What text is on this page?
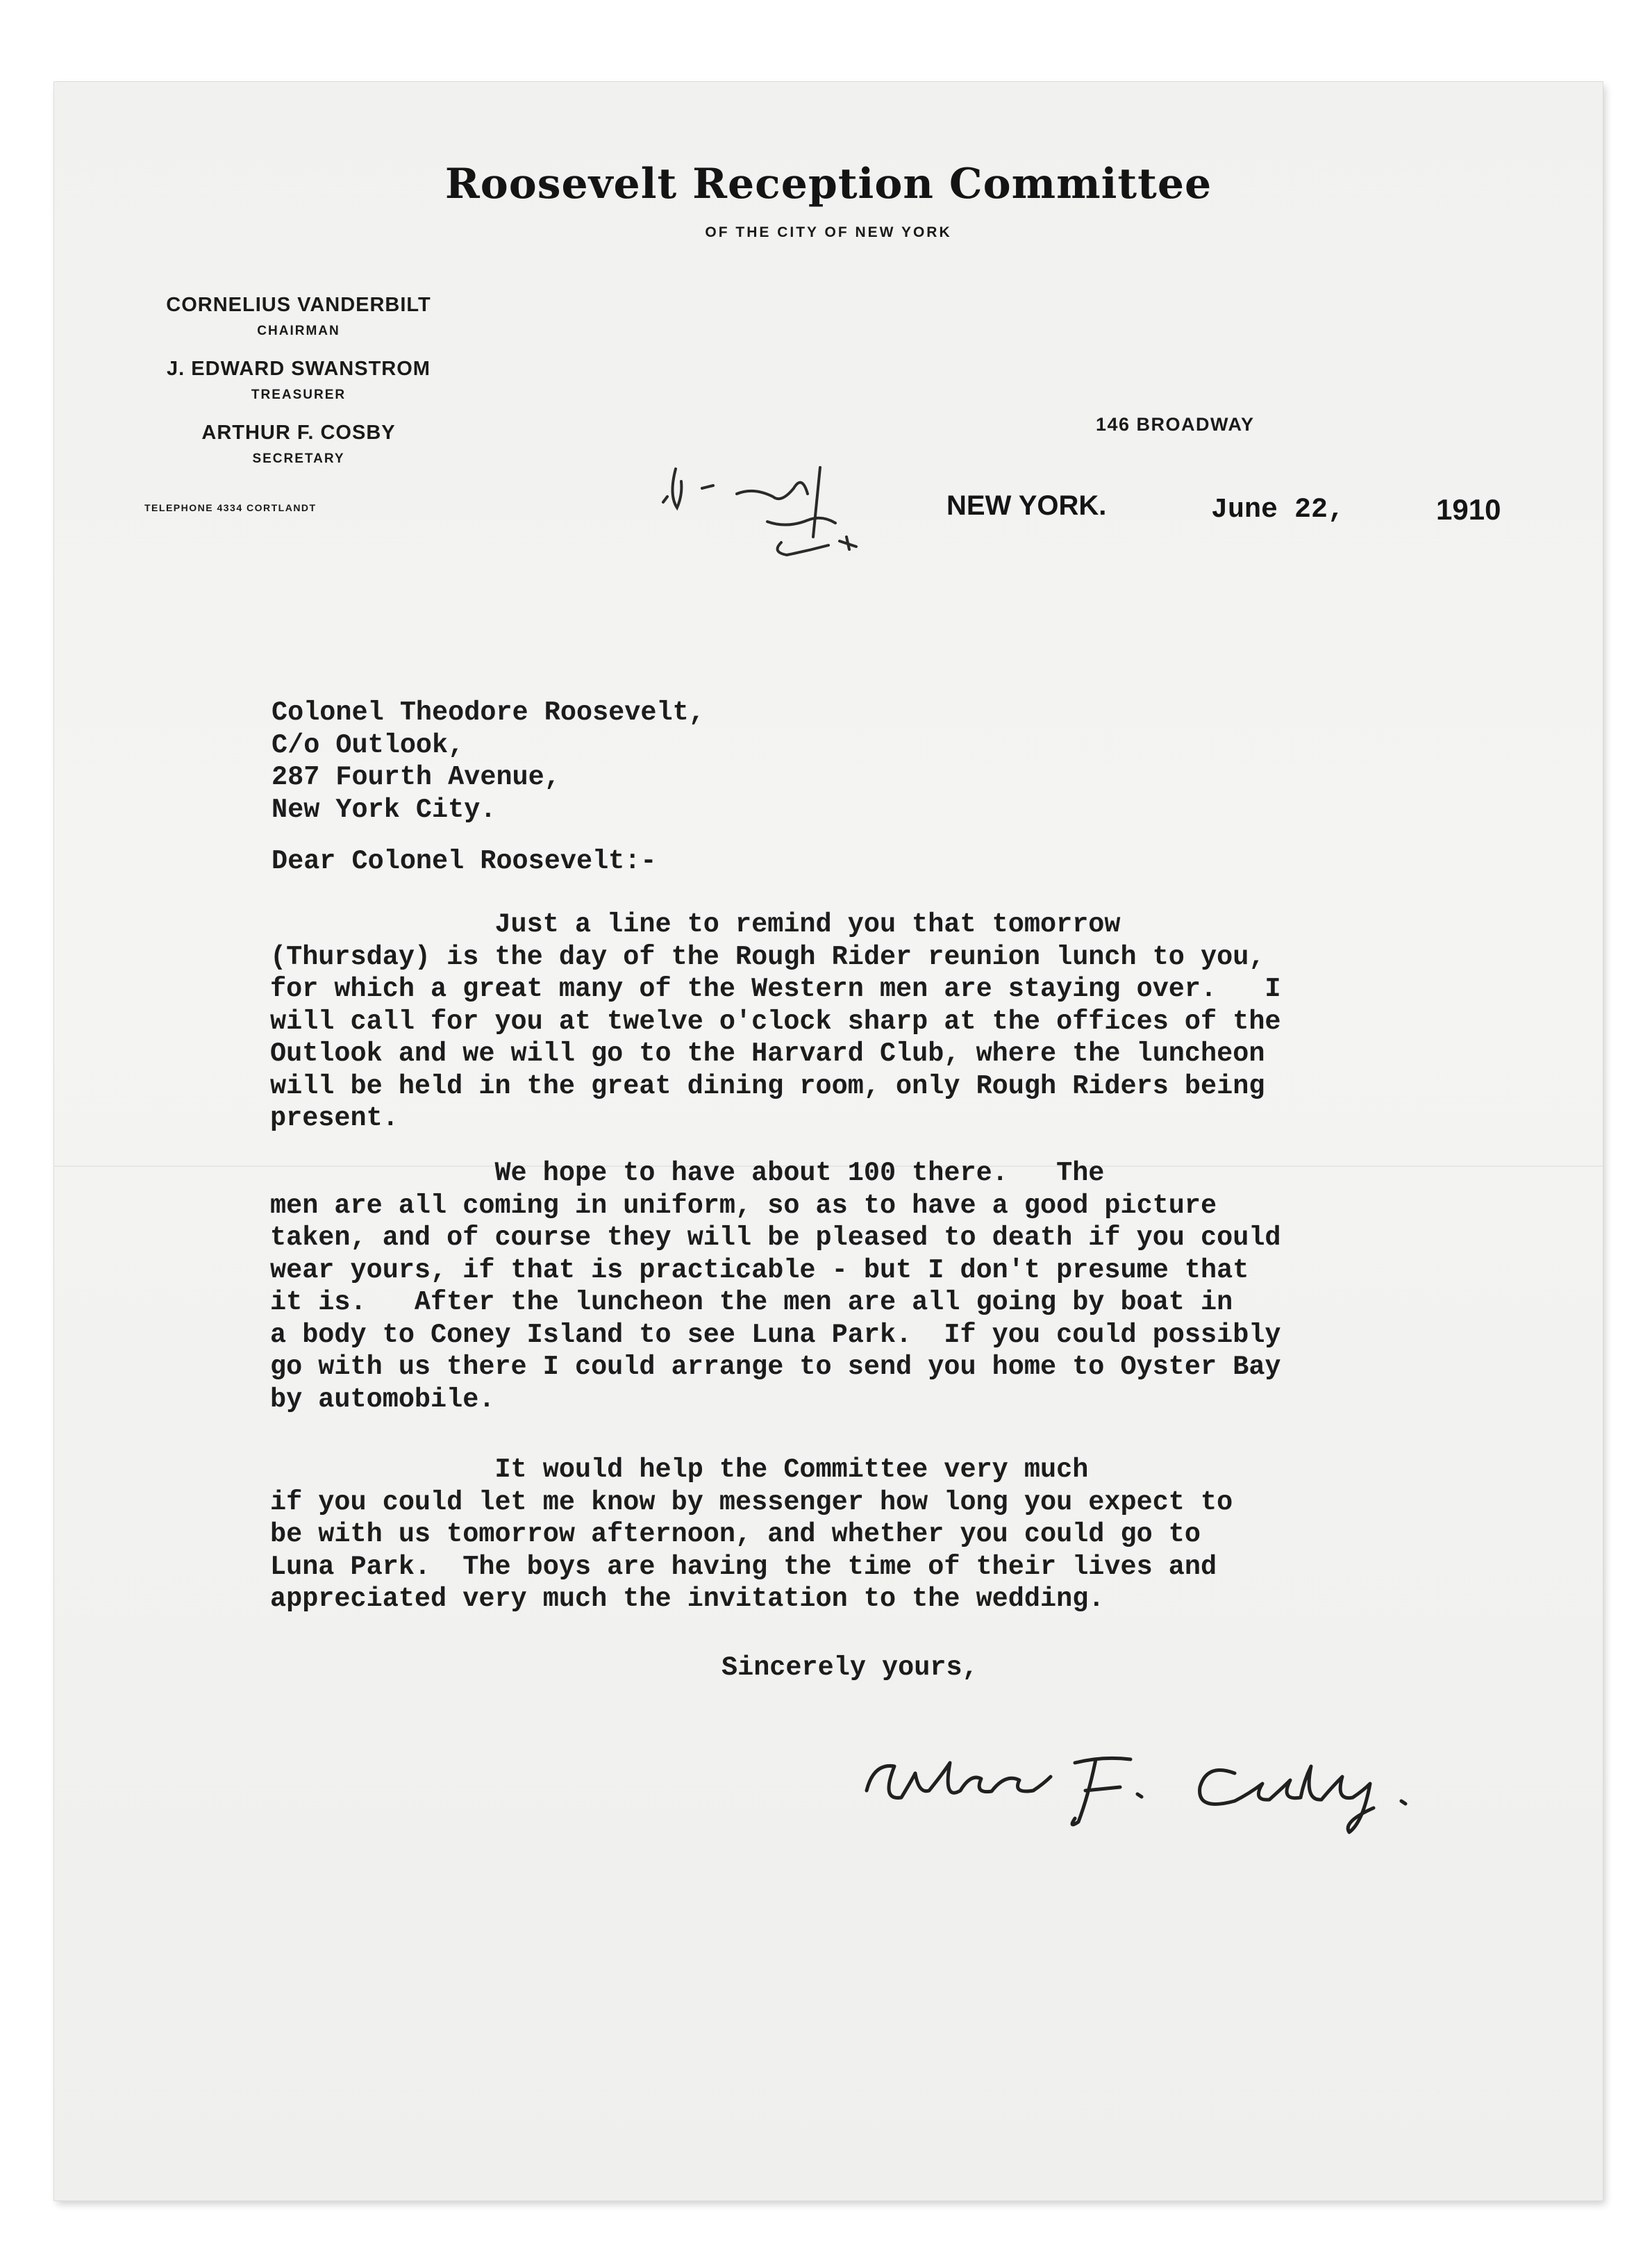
Roosevelt Reception Committee
OF THE CITY OF NEW YORK
CORNELIUS VANDERBILT
CHAIRMAN
J. EDWARD SWANSTROM
TREASURER
ARTHUR F. COSBY
SECRETARY
TELEPHONE 4334 CORTLANDT
146 BROADWAY
NEW YORK.	June 22,	1910
Colonel Theodore Roosevelt,
C/o Outlook,
287 Fourth Avenue,
New York City.
Dear Colonel Roosevelt:-
Just a line to remind you that tomorrow
(Thursday) is the day of the Rough Rider reunion lunch to you,
for which a great many of the Western men are staying over.   I
will call for you at twelve o'clock sharp at the offices of the
Outlook and we will go to the Harvard Club, where the luncheon
will be held in the great dining room, only Rough Riders being
present.
We hope to have about 100 there.   The
men are all coming in uniform, so as to have a good picture
taken, and of course they will be pleased to death if you could
wear yours, if that is practicable - but I don't presume that
it is.   After the luncheon the men are all going by boat in
a body to Coney Island to see Luna Park.  If you could possibly
go with us there I could arrange to send you home to Oyster Bay
by automobile.
It would help the Committee very much
if you could let me know by messenger how long you expect to
be with us tomorrow afternoon, and whether you could go to
Luna Park.  The boys are having the time of their lives and
appreciated very much the invitation to the wedding.
Sincerely yours,
